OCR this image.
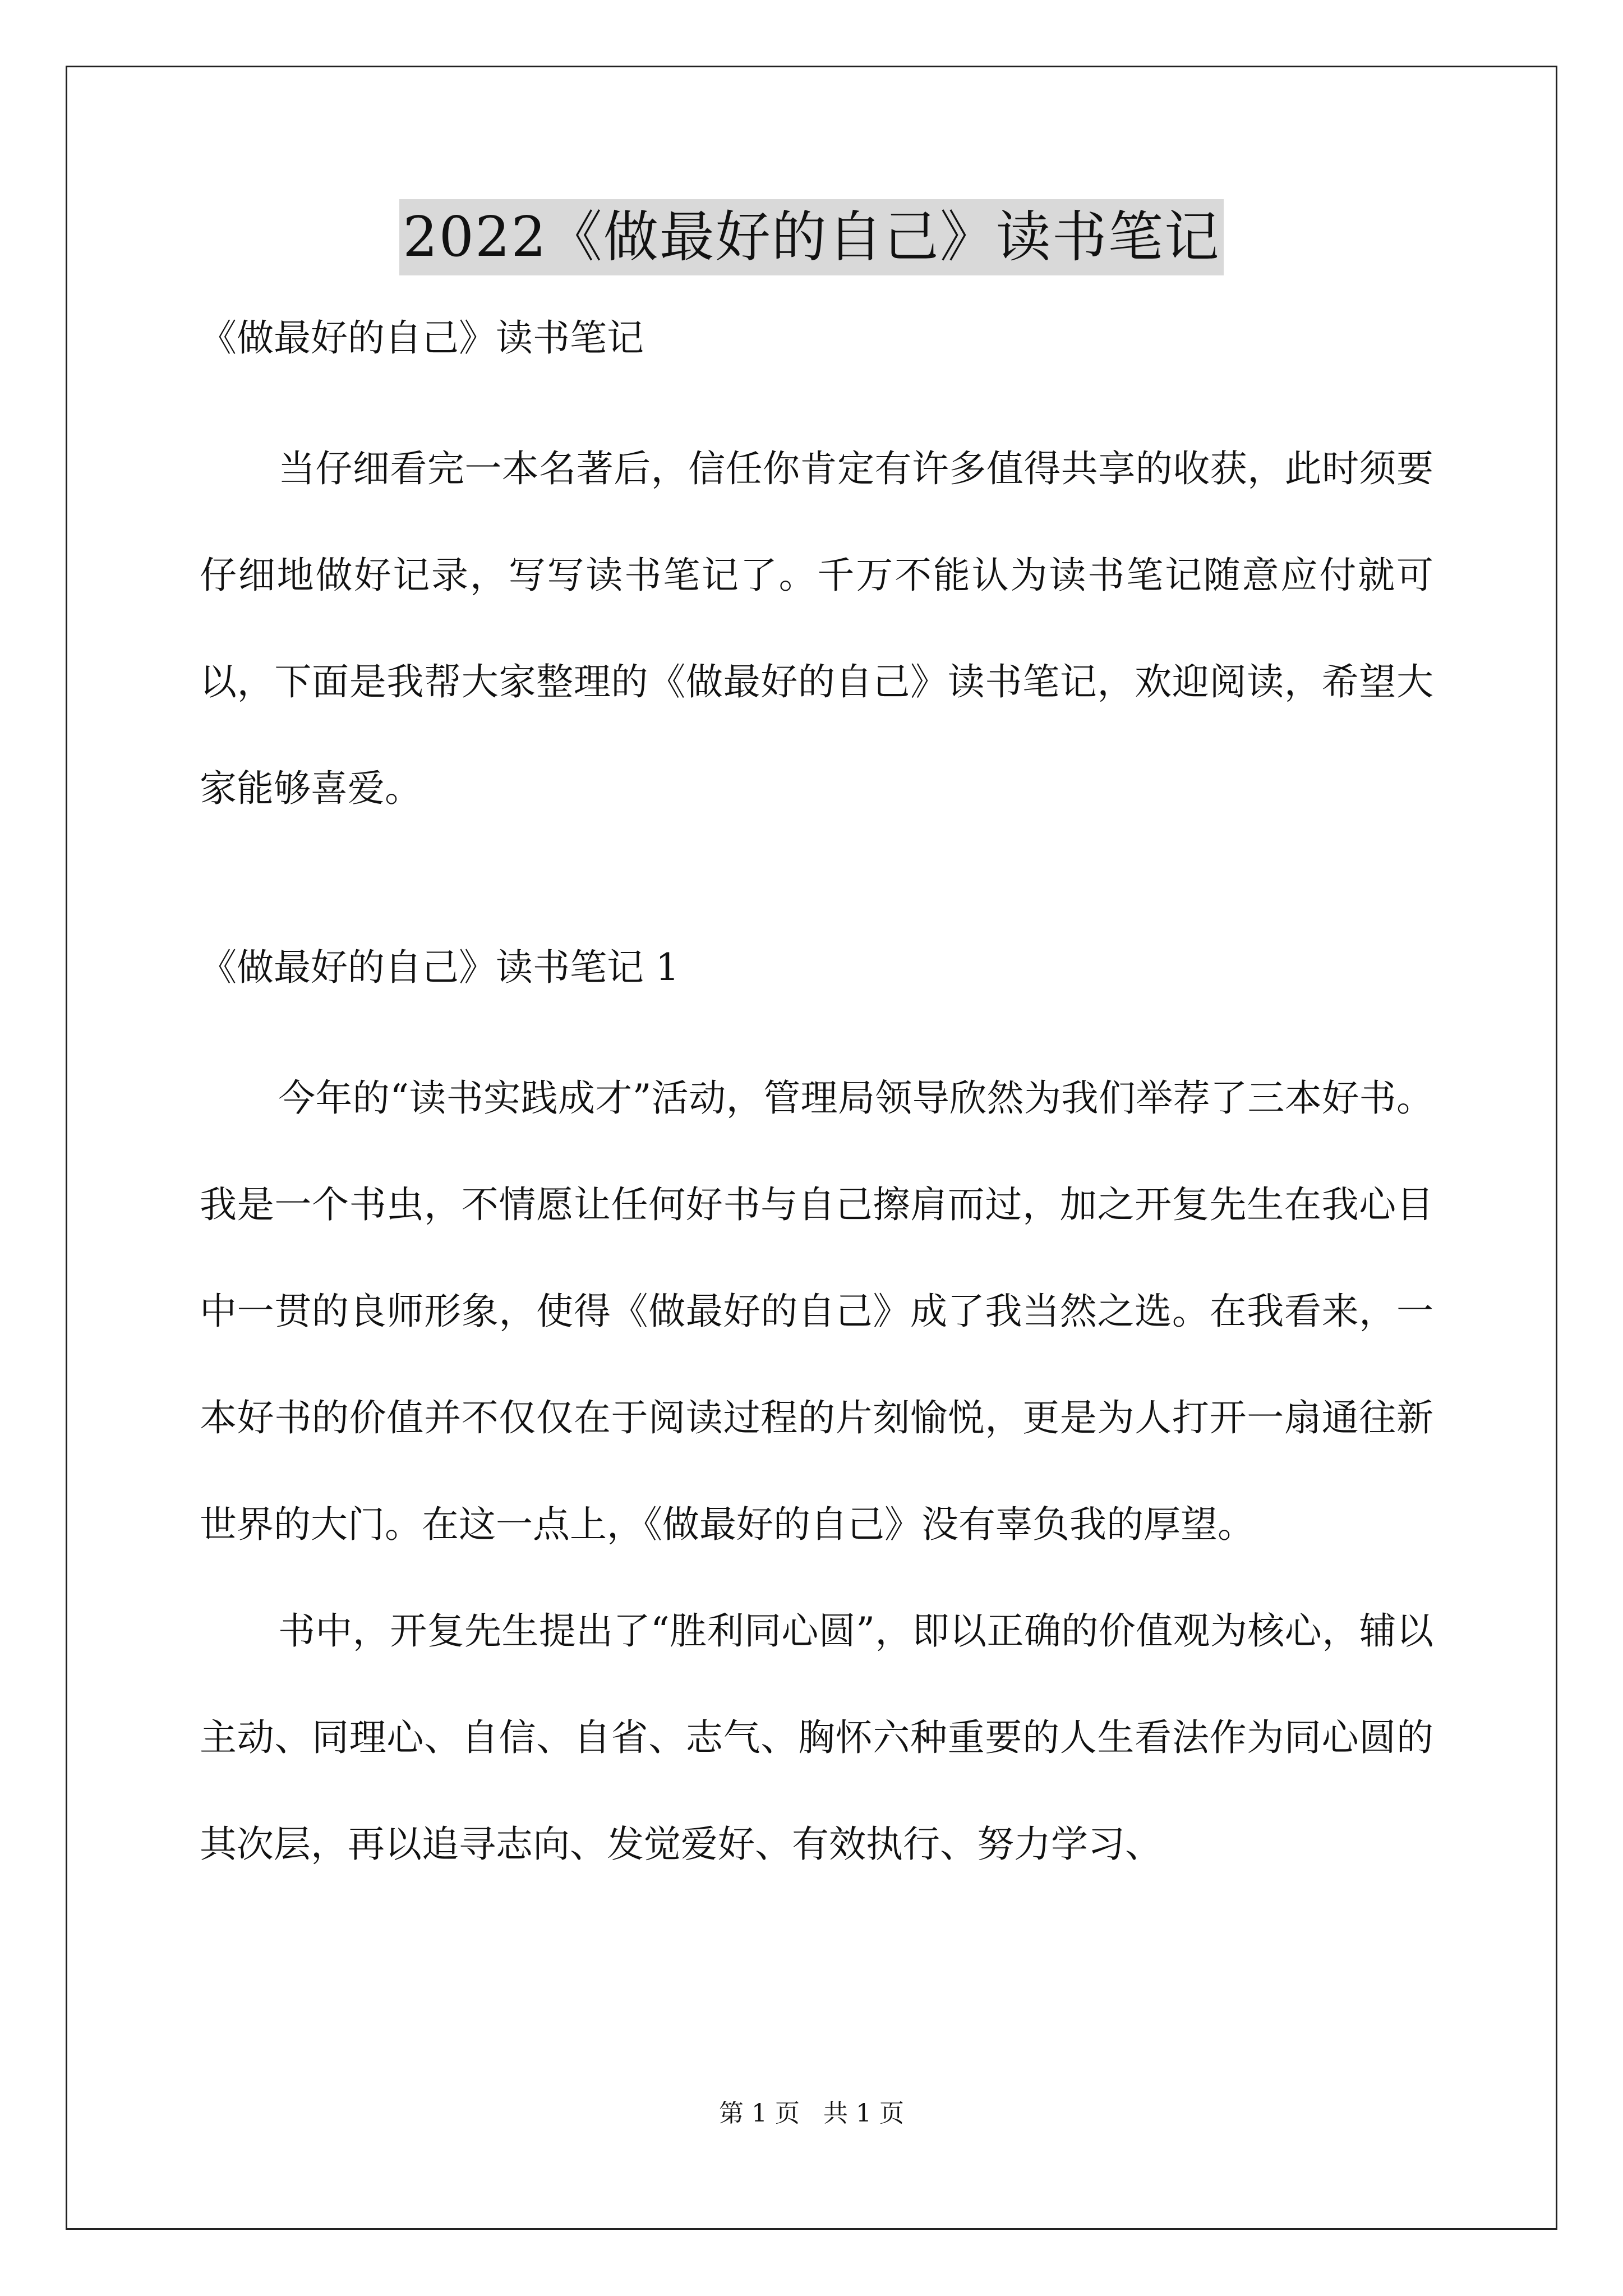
2022《做最好的自己》读书笔记

《做最好的自己》读书笔记

当仔细看完一本名著后，信任你肯定有许多值得共享的收获，此时须要仔细地做好记录，写写读书笔记了。千万不能认为读书笔记随意应付就可以，下面是我帮大家整理的《做最好的自己》读书笔记，欢迎阅读，希望大家能够喜爱。

《做最好的自己》读书笔记 1

今年的“读书实践成才”活动，管理局领导欣然为我们举荐了三本好书。我是一个书虫，不情愿让任何好书与自己擦肩而过，加之开复先生在我心目中一贯的良师形象，使得《做最好的自己》成了我当然之选。在我看来，一本好书的价值并不仅仅在于阅读过程的片刻愉悦，更是为人打开一扇通往新世界的大门。在这一点上，《做最好的自己》没有辜负我的厚望。

书中，开复先生提出了“胜利同心圆”，即以正确的价值观为核心，辅以主动、同理心、自信、自省、志气、胸怀六种重要的人生看法作为同心圆的其次层，再以追寻志向、发觉爱好、有效执行、努力学习、

第 1 页   共 1 页
